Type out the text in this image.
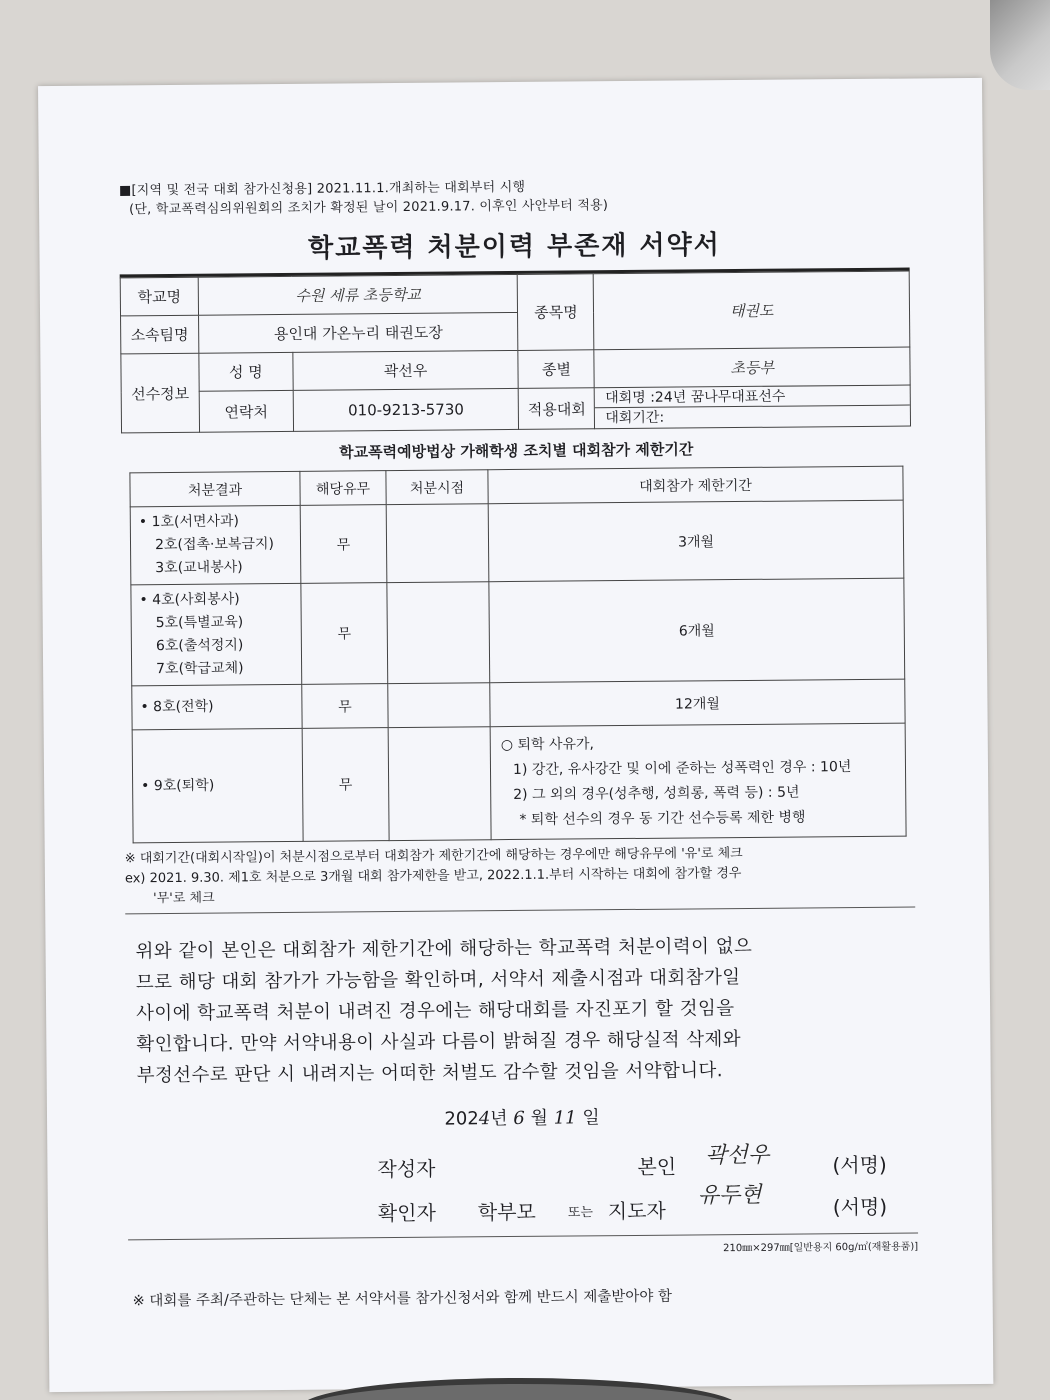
■[지역 및 전국 대회 참가신청용] 2021.11.1.개최하는 대회부터 시행
(단, 학교폭력심의위원회의 조치가 확정된 날이 2021.9.17. 이후인 사안부터 적용)
학교폭력 처분이력 부존재 서약서
학교명	수원 세류 초등학교		종목명	태권도
소속팀명	용인대 가온누리 태권도장			
선수정보	성 명	곽선우	종별	초등부
	연락처	010-9213-5730	적용대회	대회명 :24년 꿈나무대표선수
대회기간:
학교폭력예방법상 가해학생 조치별 대회참가 제한기간
처분결과	해당유무	처분시점	대회참가 제한기간

• 1호(서면사과)
2호(접촉·보복금지)
3호(교내봉사)	무		3개월

• 4호(사회봉사)
5호(특별교육)
6호(출석정지)
7호(학급교체)	무		6개월

• 8호(전학)	무		12개월

• 9호(퇴학)	무		○ 퇴학 사유가,
1) 강간, 유사강간 및 이에 준하는 성폭력인 경우 : 10년
2) 그 외의 경우(성추행, 성희롱, 폭력 등) : 5년
* 퇴학 선수의 경우 동 기간 선수등록 제한 병행
※ 대회기간(대회시작일)이 처분시점으로부터 대회참가 제한기간에 해당하는 경우에만 해당유무에 '유'로 체크
ex) 2021. 9.30. 제1호 처분으로 3개월 대회 참가제한을 받고, 2022.1.1.부터 시작하는 대회에 참가할 경우
'무'로 체크
위와 같이 본인은 대회참가 제한기간에 해당하는 학교폭력 처분이력이 없으
므로 해당 대회 참가가 가능함을 확인하며, 서약서 제출시점과 대회참가일
사이에 학교폭력 처분이 내려진 경우에는 해당대회를 자진포기 할 것임을
확인합니다. 만약 서약내용이 사실과 다름이 밝혀질 경우 해당실적 삭제와
부정선수로 판단 시 내려지는 어떠한 처벌도 감수할 것임을 서약합니다.
2024년 6 월 11 일
작성자	본인 곽선우	(서명)
확인자 학부모 또는 지도자
유두현	(서명)
210㎜×297㎜[일반용지 60g/㎡(재활용품)]
※ 대회를 주최/주관하는 단체는 본 서약서를 참가신청서와 함께 반드시 제출받아야 함
